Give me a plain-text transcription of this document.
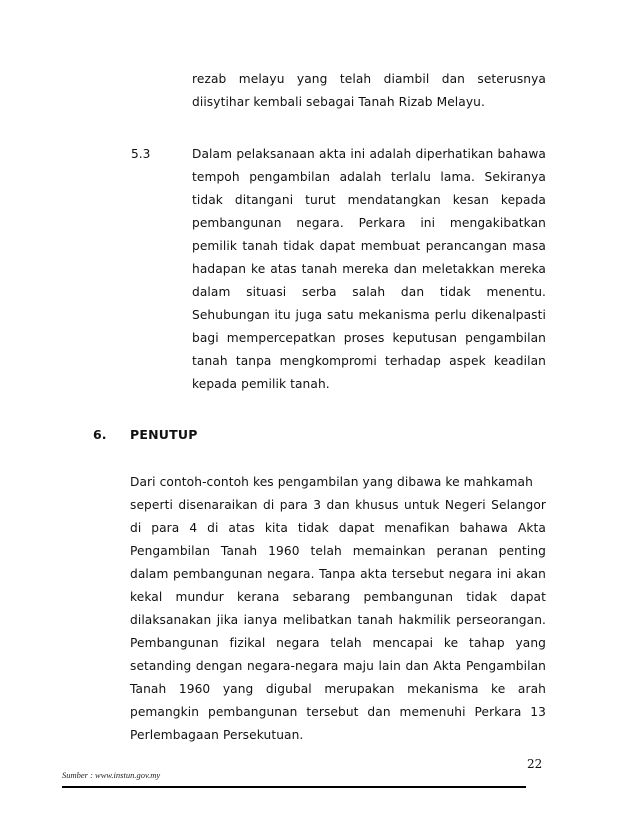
rezab melayu yang telah diambil dan seterusnya
diisytihar kembali sebagai Tanah Rizab Melayu.
5.3	Dalam pelaksanaan akta ini adalah diperhatikan bahawa
tempoh pengambilan adalah terlalu lama. Sekiranya
tidak ditangani turut mendatangkan kesan kepada
pembangunan negara. Perkara ini mengakibatkan
pemilik tanah tidak dapat membuat perancangan masa
hadapan ke atas tanah mereka dan meletakkan mereka
dalam situasi serba salah dan tidak menentu.
Sehubungan itu juga satu mekanisma perlu dikenalpasti
bagi mempercepatkan proses keputusan pengambilan
tanah tanpa mengkompromi terhadap aspek keadilan
kepada pemilik tanah.
6. PENUTUP
Dari contoh-contoh kes pengambilan yang dibawa ke mahkamah
seperti disenaraikan di para 3 dan khusus untuk Negeri Selangor
di para 4 di atas kita tidak dapat menafikan bahawa Akta
Pengambilan Tanah 1960 telah memainkan peranan penting
dalam pembangunan negara. Tanpa akta tersebut negara ini akan
kekal mundur kerana sebarang pembangunan tidak dapat
dilaksanakan jika ianya melibatkan tanah hakmilik perseorangan.
Pembangunan fizikal negara telah mencapai ke tahap yang
setanding dengan negara-negara maju lain dan Akta Pengambilan
Tanah 1960 yang digubal merupakan mekanisma ke arah
pemangkin pembangunan tersebut dan memenuhi Perkara 13
Perlembagaan Persekutuan.
22
Sumber : www.instun.gov.my
